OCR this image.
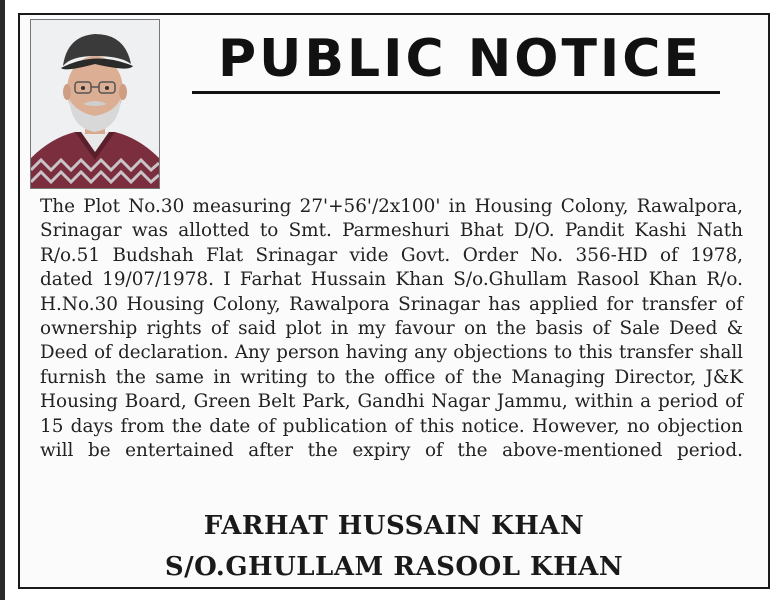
PUBLIC NOTICE
The Plot No.30 measuring 27'+56'/2x100' in Housing Colony, Rawalpora,
Srinagar was allotted to Smt. Parmeshuri Bhat D/O. Pandit Kashi Nath
R/o.51 Budshah Flat Srinagar vide Govt. Order No. 356-HD of 1978,
dated 19/07/1978. I Farhat Hussain Khan S/o.Ghullam Rasool Khan R/o.
H.No.30 Housing Colony, Rawalpora Srinagar has applied for transfer of
ownership rights of said plot in my favour on the basis of Sale Deed &
Deed of declaration. Any person having any objections to this transfer shall
furnish the same in writing to the office of the Managing Director, J&K
Housing Board, Green Belt Park, Gandhi Nagar Jammu, within a period of
15 days from the date of publication of this notice. However, no objection
will be entertained after the expiry of the above-mentioned period.
FARHAT HUSSAIN KHAN
S/O.GHULLAM RASOOL KHAN
